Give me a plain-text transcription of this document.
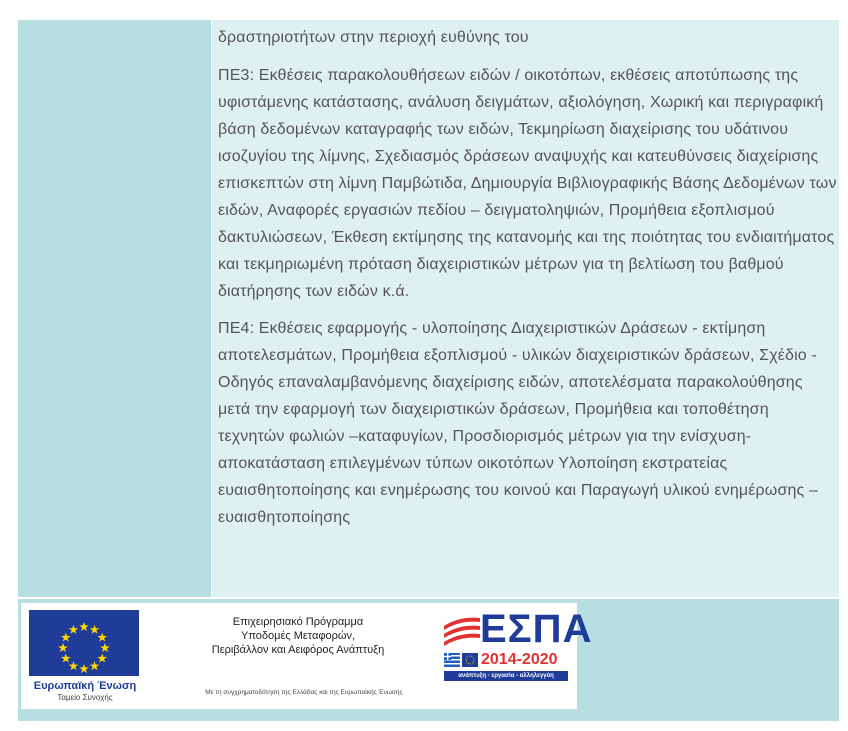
δραστηριοτήτων στην περιοχή ευθύνης του

ΠΕ3: Εκθέσεις παρακολουθήσεων ειδών / οικοτόπων, εκθέσεις αποτύπωσης της υφιστάμενης κατάστασης, ανάλυση δειγμάτων, αξιολόγηση, Χωρική και περιγραφική βάση δεδομένων καταγραφής των ειδών, Τεκμηρίωση διαχείρισης του υδάτινου ισοζυγίου της λίμνης, Σχεδιασμός δράσεων αναψυχής και κατευθύνσεις διαχείρισης επισκεπτών στη λίμνη Παμβώτιδα, Δημιουργία Βιβλιογραφικής Βάσης Δεδομένων των ειδών, Αναφορές εργασιών πεδίου – δειγματοληψιών, Προμήθεια εξοπλισμού δακτυλιώσεων, Έκθεση εκτίμησης της κατανομής και της ποιότητας του ενδιαιτήματος και τεκμηριωμένη πρόταση διαχειριστικών μέτρων για τη βελτίωση του βαθμού διατήρησης των ειδών κ.ά.

ΠΕ4: Εκθέσεις εφαρμογής - υλοποίησης Διαχειριστικών Δράσεων - εκτίμηση αποτελεσμάτων, Προμήθεια εξοπλισμού - υλικών διαχειριστικών δράσεων, Σχέδιο - Οδηγός επαναλαμβανόμενης διαχείρισης ειδών, αποτελέσματα παρακολούθησης μετά την εφαρμογή των διαχειριστικών δράσεων, Προμήθεια και τοποθέτηση τεχνητών φωλιών –καταφυγίων, Προσδιορισμός μέτρων για την ενίσχυση-αποκατάσταση επιλεγμένων τύπων οικοτόπων Υλοποίηση εκστρατείας ευαισθητοποίησης και ενημέρωσης του κοινού και Παραγωγή υλικού ενημέρωσης –ευαισθητοποίησης

Ευρωπαϊκή Ένωση
Ταμείο Συνοχής
Επιχειρησιακό Πρόγραμμα
Υποδομές Μεταφορών,
Περιβάλλον και Αειφόρος Ανάπτυξη
Με τη συγχρηματοδότηση της Ελλάδας και της Ευρωπαϊκής Ένωσης
ΕΣΠΑ
2014-2020
ανάπτυξη - εργασία - αλληλεγγύη
